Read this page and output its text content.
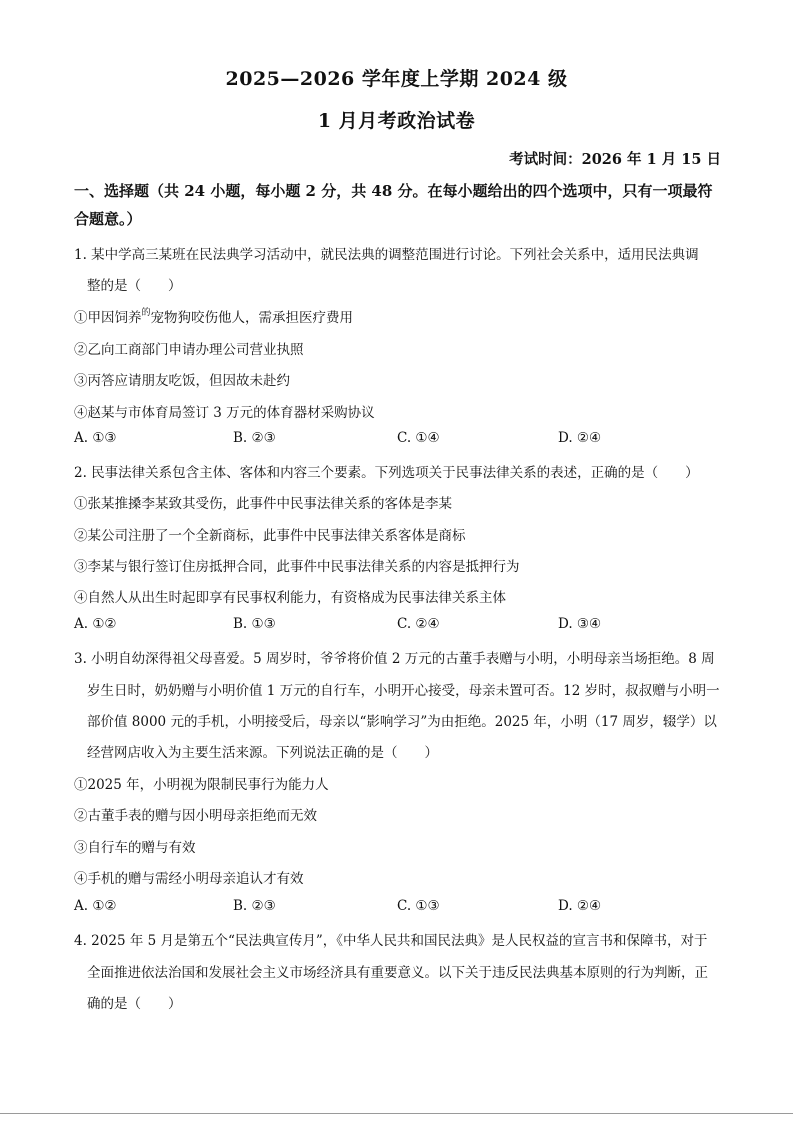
2025—2026 学年度上学期 2024 级
1 月月考政治试卷
考试时间：2026 年 1 月 15 日
一、选择题（共 24 小题，每小题 2 分，共 48 分。在每小题给出的四个选项中，只有一项最符合题意。）
1. 某中学高三某班在民法典学习活动中，就民法典的调整范围进行讨论。下列社会关系中，适用民法典调
整的是（　　）
①甲因饲养$^的$宠物狗咬伤他人，需承担医疗费用
②乙向工商部门申请办理公司营业执照
③丙答应请朋友吃饭，但因故未赴约
④赵某与市体育局签订 3 万元的体育器材采购协议
A. ①③	B. ②③	C. ①④	D. ②④
2. 民事法律关系包含主体、客体和内容三个要素。下列选项关于民事法律关系的表述，正确的是（　　）
①张某推搡李某致其受伤，此事件中民事法律关系的客体是李某
②某公司注册了一个全新商标，此事件中民事法律关系客体是商标
③李某与银行签订住房抵押合同，此事件中民事法律关系的内容是抵押行为
④自然人从出生时起即享有民事权利能力，有资格成为民事法律关系主体
A. ①②	B. ①③	C. ②④	D. ③④
3. 小明自幼深得祖父母喜爱。5 周岁时，爷爷将价值 2 万元的古董手表赠与小明，小明母亲当场拒绝。8 周
岁生日时，奶奶赠与小明价值 1 万元的自行车，小明开心接受，母亲未置可否。12 岁时，叔叔赠与小明一
部价值 8000 元的手机，小明接受后，母亲以“影响学习”为由拒绝。2025 年，小明（17 周岁，辍学）以
经营网店收入为主要生活来源。下列说法正确的是（　　）
①2025 年，小明视为限制民事行为能力人
②古董手表的赠与因小明母亲拒绝而无效
③自行车的赠与有效
④手机的赠与需经小明母亲追认才有效
A. ①②	B. ②③	C. ①③	D. ②④
4. 2025 年 5 月是第五个“民法典宣传月”，《中华人民共和国民法典》是人民权益的宣言书和保障书，对于
全面推进依法治国和发展社会主义市场经济具有重要意义。以下关于违反民法典基本原则的行为判断，正
确的是（　　）
